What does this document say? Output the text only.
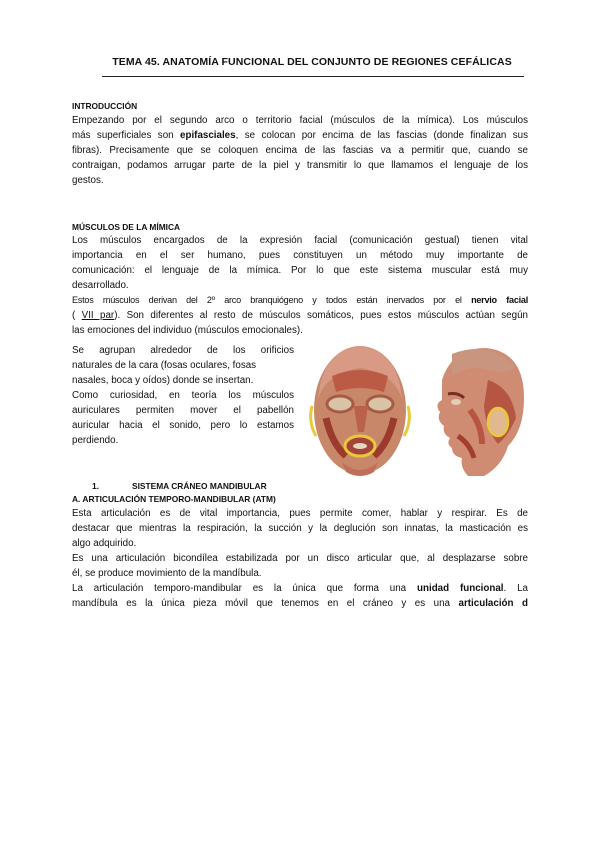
TEMA 45. ANATOMÍA FUNCIONAL DEL CONJUNTO DE REGIONES CEFÁLICAS
INTRODUCCIÓN
Empezando por el segundo arco o territorio facial (músculos de la mímica). Los músculos
más superficiales son epifasciales, se colocan por encima de las fascias (donde finalizan sus
fibras). Precisamente que se coloquen encima de las fascias va a permitir que, cuando se
contraigan, podamos arrugar parte de la piel y transmitir lo que llamamos el lenguaje de los
gestos.
MÚSCULOS DE LA MÍMICA
Los músculos encargados de la expresión facial (comunicación gestual) tienen vital
importancia en el ser humano, pues constituyen un método muy importante de
comunicación: el lenguaje de la mímica. Por lo que este sistema muscular está muy
desarrollado.
Estos músculos derivan del 2º arco branquiógeno y todos están inervados por el nervio facial
( VII par). Son diferentes al resto de músculos somáticos, pues estos músculos actúan según
las emociones del individuo (músculos emocionales).
Se agrupan alrededor de los orificios
naturales de la cara (fosas oculares, fosas
nasales, boca y oídos) donde se insertan.
Como curiosidad, en teoría los músculos
auriculares permiten mover el pabellón
auricular hacia el sonido, pero lo estamos
perdiendo.
1.	SISTEMA CRÁNEO MANDIBULAR
A. ARTICULACIÓN TEMPORO-MANDIBULAR (ATM)
Esta articulación es de vital importancia, pues permite comer, hablar y respirar. Es de
destacar que mientras la respiración, la succión y la deglución son innatas, la masticación es
algo adquirido.
Es una articulación bicondílea estabilizada por un disco articular que, al desplazarse sobre
él, se produce movimiento de la mandíbula.
La articulación temporo-mandibular es la única que forma una unidad funcional. La
mandíbula es la única pieza móvil que tenemos en el cráneo y es una articulación d
